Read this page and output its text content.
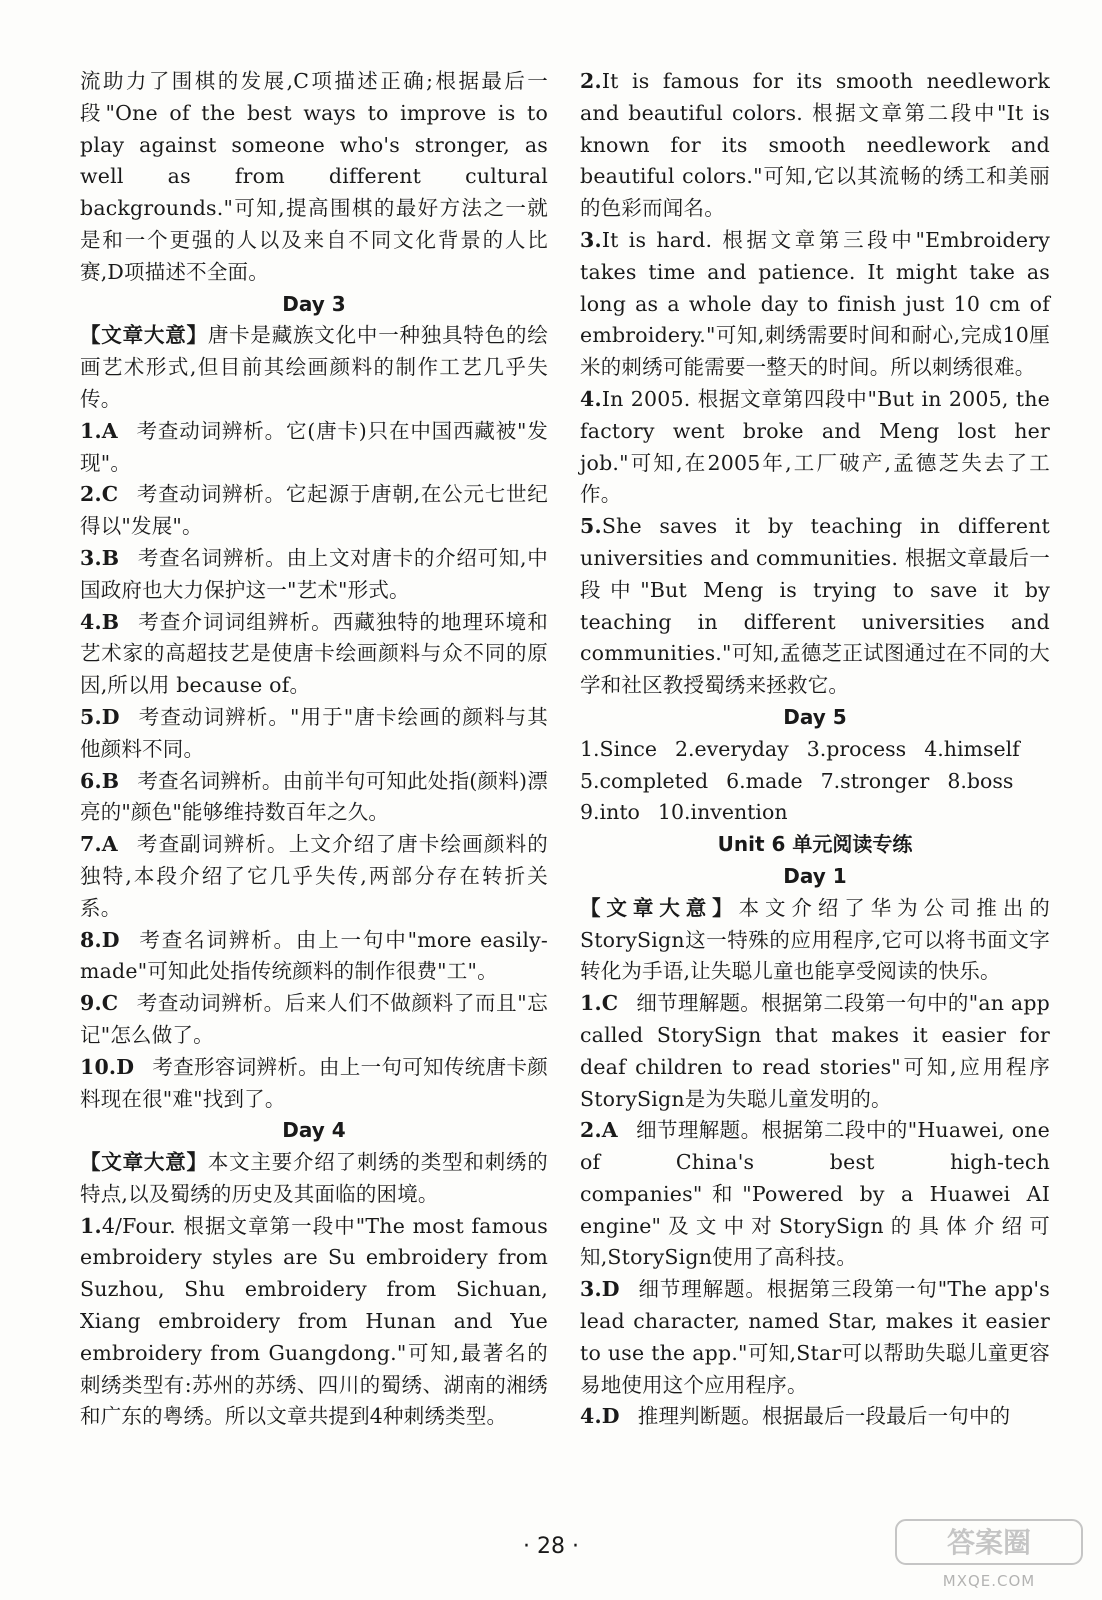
流助力了围棋的发展,C项描述正确;根据最后一段"One of the best ways to improve is to play against someone who's stronger, as well as from different cultural backgrounds."可知,提高围棋的最好方法之一就是和一个更强的人以及来自不同文化背景的人比赛,D项描述不全面。

Day 3

【文章大意】唐卡是藏族文化中一种独具特色的绘画艺术形式,但目前其绘画颜料的制作工艺几乎失传。

1.A 考查动词辨析。它(唐卡)只在中国西藏被"发现"。

2.C 考查动词辨析。它起源于唐朝,在公元七世纪得以"发展"。

3.B 考查名词辨析。由上文对唐卡的介绍可知,中国政府也大力保护这一"艺术"形式。

4.B 考查介词词组辨析。西藏独特的地理环境和艺术家的高超技艺是使唐卡绘画颜料与众不同的原因,所以用 because of。

5.D 考查动词辨析。"用于"唐卡绘画的颜料与其他颜料不同。

6.B 考查名词辨析。由前半句可知此处指(颜料)漂亮的"颜色"能够维持数百年之久。

7.A 考查副词辨析。上文介绍了唐卡绘画颜料的独特,本段介绍了它几乎失传,两部分存在转折关系。

8.D 考查名词辨析。由上一句中"more easily-made"可知此处指传统颜料的制作很费"工"。

9.C 考查动词辨析。后来人们不做颜料了而且"忘记"怎么做了。

10.D 考查形容词辨析。由上一句可知传统唐卡颜料现在很"难"找到了。

Day 4

【文章大意】本文主要介绍了刺绣的类型和刺绣的特点,以及蜀绣的历史及其面临的困境。

1.4/Four. 根据文章第一段中"The most famous embroidery styles are Su embroidery from Suzhou, Shu embroidery from Sichuan, Xiang embroidery from Hunan and Yue embroidery from Guangdong."可知,最著名的刺绣类型有:苏州的苏绣、四川的蜀绣、湖南的湘绣和广东的粤绣。所以文章共提到4种刺绣类型。

2.It is famous for its smooth needlework and beautiful colors. 根据文章第二段中"It is known for its smooth needlework and beautiful colors."可知,它以其流畅的绣工和美丽的色彩而闻名。

3.It is hard. 根据文章第三段中"Embroidery takes time and patience. It might take as long as a whole day to finish just 10 cm of embroidery."可知,刺绣需要时间和耐心,完成10厘米的刺绣可能需要一整天的时间。所以刺绣很难。

4.In 2005. 根据文章第四段中"But in 2005, the factory went broke and Meng lost her job."可知,在2005年,工厂破产,孟德芝失去了工作。

5.She saves it by teaching in different universities and communities. 根据文章最后一段中"But Meng is trying to save it by teaching in different universities and communities."可知,孟德芝正试图通过在不同的大学和社区教授蜀绣来拯救它。

Day 5

1.Since 2.everyday 3.process 4.himself

5.completed 6.made 7.stronger 8.boss

9.into 10.invention

Unit 6 单元阅读专练

Day 1

【文章大意】本文介绍了华为公司推出的StorySign这一特殊的应用程序,它可以将书面文字转化为手语,让失聪儿童也能享受阅读的快乐。

1.C 细节理解题。根据第二段第一句中的"an app called StorySign that makes it easier for deaf children to read stories"可知,应用程序StorySign是为失聪儿童发明的。

2.A 细节理解题。根据第二段中的"Huawei, one of China's best high-tech companies"和"Powered by a Huawei AI engine"及文中对StorySign的具体介绍可知,StorySign使用了高科技。

3.D 细节理解题。根据第三段第一句"The app's lead character, named Star, makes it easier to use the app."可知,Star可以帮助失聪儿童更容易地使用这个应用程序。

4.D 推理判断题。根据最后一段最后一句中的

· 28 ·	答案圈
MXQE.COM
